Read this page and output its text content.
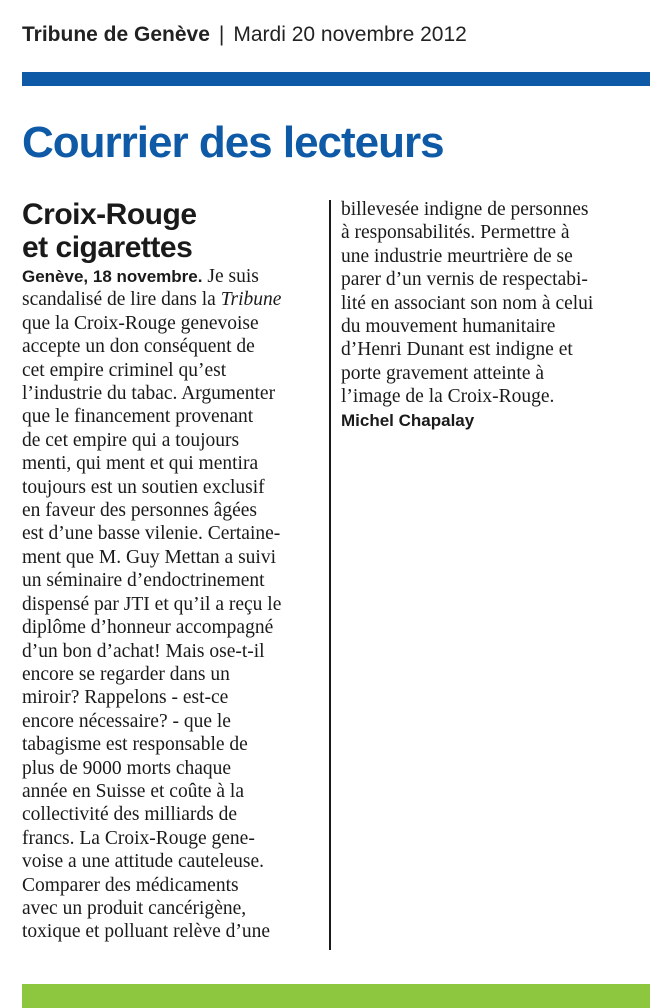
Tribune de Genève | Mardi 20 novembre 2012
Courrier des lecteurs
Croix-Rouge
et cigarettes
Genève, 18 novembre. Je suis
scandalisé de lire dans la Tribune
que la Croix-Rouge genevoise
accepte un don conséquent de
cet empire criminel qu’est
l’industrie du tabac. Argumenter
que le financement provenant
de cet empire qui a toujours
menti, qui ment et qui mentira
toujours est un soutien exclusif
en faveur des personnes âgées
est d’une basse vilenie. Certaine-
ment que M. Guy Mettan a suivi
un séminaire d’endoctrinement
dispensé par JTI et qu’il a reçu le
diplôme d’honneur accompagné
d’un bon d’achat! Mais ose-t-il
encore se regarder dans un
miroir? Rappelons - est-ce
encore nécessaire? - que le
tabagisme est responsable de
plus de 9000 morts chaque
année en Suisse et coûte à la
collectivité des milliards de
francs. La Croix-Rouge gene-
voise a une attitude cauteleuse.
Comparer des médicaments
avec un produit cancérigène,
toxique et polluant relève d’une
billevesée indigne de personnes
à responsabilités. Permettre à
une industrie meurtrière de se
parer d’un vernis de respectabi-
lité en associant son nom à celui
du mouvement humanitaire
d’Henri Dunant est indigne et
porte gravement atteinte à
l’image de la Croix-Rouge.
Michel Chapalay
